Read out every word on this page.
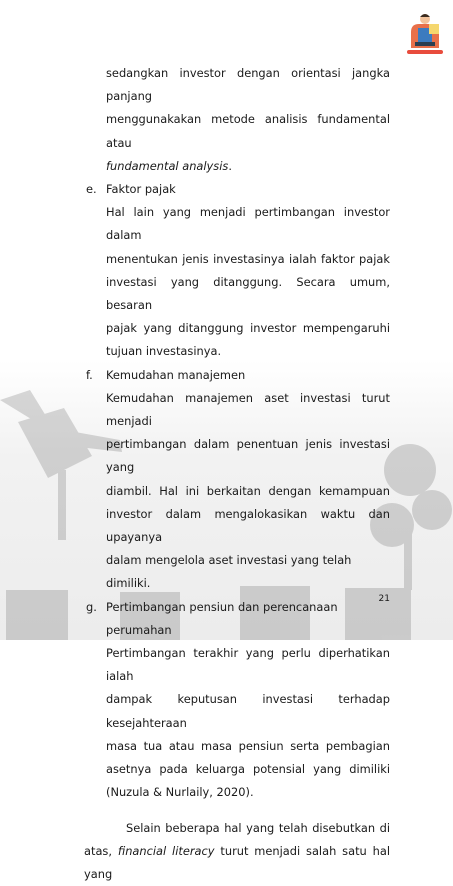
sedangkan investor dengan orientasi jangka panjang
menggunakakan metode analisis fundamental atau
fundamental analysis.
e. Faktor pajak
Hal lain yang menjadi pertimbangan investor dalam
menentukan jenis investasinya ialah faktor pajak
investasi yang ditanggung. Secara umum, besaran
pajak yang ditanggung investor mempengaruhi
tujuan investasinya.
f. Kemudahan manajemen
Kemudahan manajemen aset investasi turut menjadi
pertimbangan dalam penentuan jenis investasi yang
diambil. Hal ini berkaitan dengan kemampuan
investor dalam mengalokasikan waktu dan upayanya
dalam mengelola aset investasi yang telah dimiliki.
g. Pertimbangan pensiun dan perencanaan perumahan
Pertimbangan terakhir yang perlu diperhatikan ialah
dampak keputusan investasi terhadap kesejahteraan
masa tua atau masa pensiun serta pembagian
asetnya pada keluarga potensial yang dimiliki
(Nuzula & Nurlaily, 2020).
Selain beberapa hal yang telah disebutkan di
atas, financial literacy turut menjadi salah satu hal yang
21
